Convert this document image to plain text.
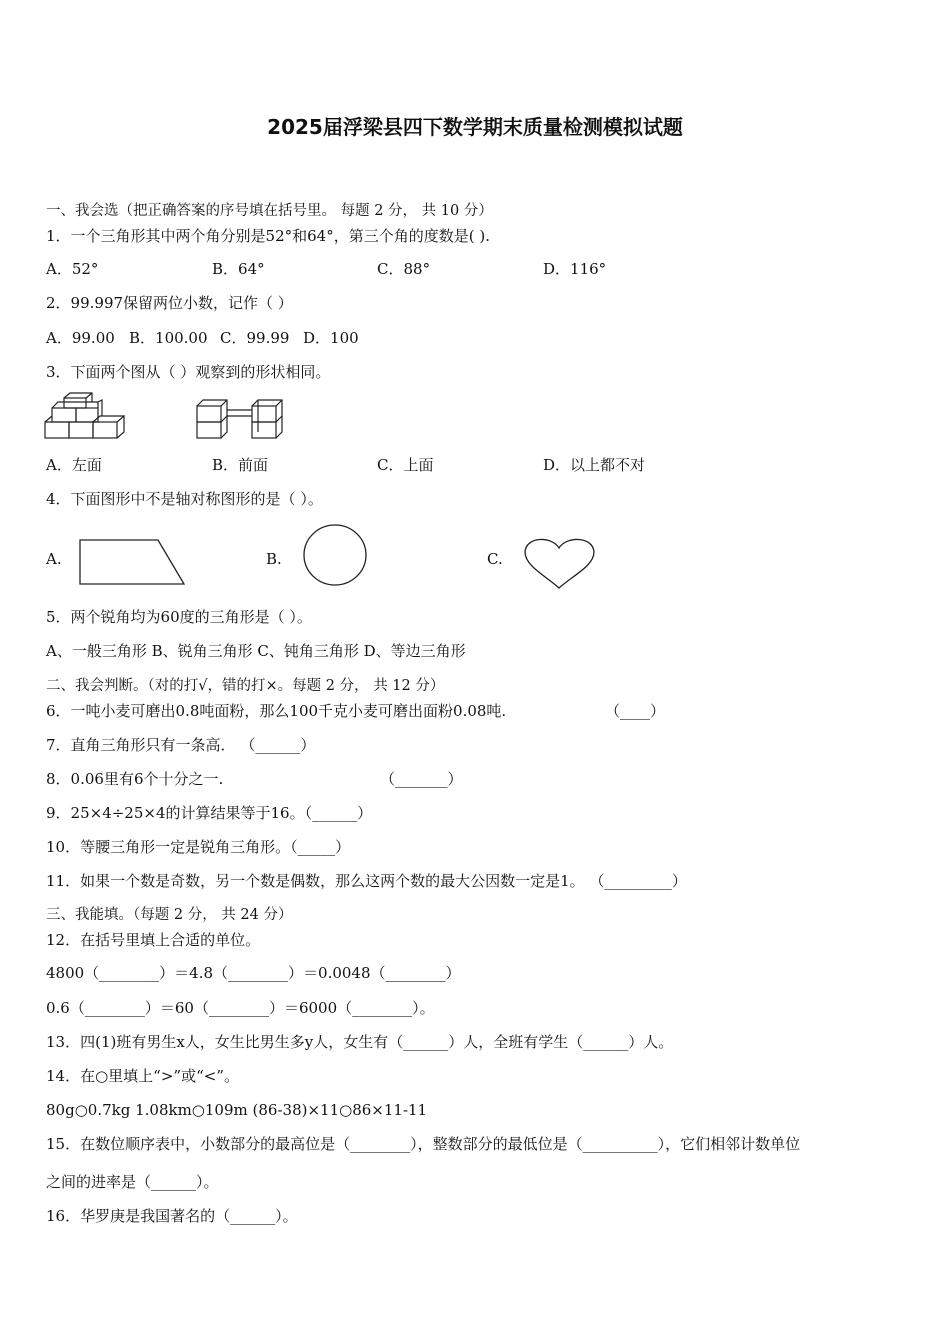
2025届浮梁县四下数学期末质量检测模拟试题
一、我会选（把正确答案的序号填在括号里。 每题 2 分， 共 10 分）
1．一个三角形其中两个角分别是52°和64°，第三个角的度数是( ).
A．52°	B．64°	C．88°	D．116°
2．99.997保留两位小数，记作（ ）
A．99.00 B．100.00 C．99.99 D．100
3．下面两个图从（ ）观察到的形状相同。
A．左面	B．前面	C．上面	D．以上都不对
4．下面图形中不是轴对称图形的是（ ）。
A.	B.	C.
5．两个锐角均为60度的三角形是（ ）。
A、一般三角形 B、锐角三角形 C、钝角三角形 D、等边三角形
二、我会判断。（对的打√，错的打×。每题 2 分， 共 12 分）
6．一吨小麦可磨出0.8吨面粉，那么100千克小麦可磨出面粉0.08吨.	（____）
7．直角三角形只有一条高． （______）
8．0.06里有6个十分之一.	（_______）
9．25×4÷25×4的计算结果等于16。（______）
10．等腰三角形一定是锐角三角形。（_____）
11．如果一个数是奇数，另一个数是偶数，那么这两个数的最大公因数一定是1。 （_________）
三、我能填。（每题 2 分， 共 24 分）
12．在括号里填上合适的单位。
4800（________）＝4.8（________）＝0.0048（________）
0.6（________）＝60（________）＝6000（________）。
13．四(1)班有男生x人，女生比男生多y人，女生有（______）人，全班有学生（______）人。
14．在○里填上“>”或“<”。
80g○0.7kg 1.08km○109m (86-38)×11○86×11-11
15．在数位顺序表中，小数部分的最高位是（________），整数部分的最低位是（__________），它们相邻计数单位
之间的进率是（______）。
16．华罗庚是我国著名的（______）。
